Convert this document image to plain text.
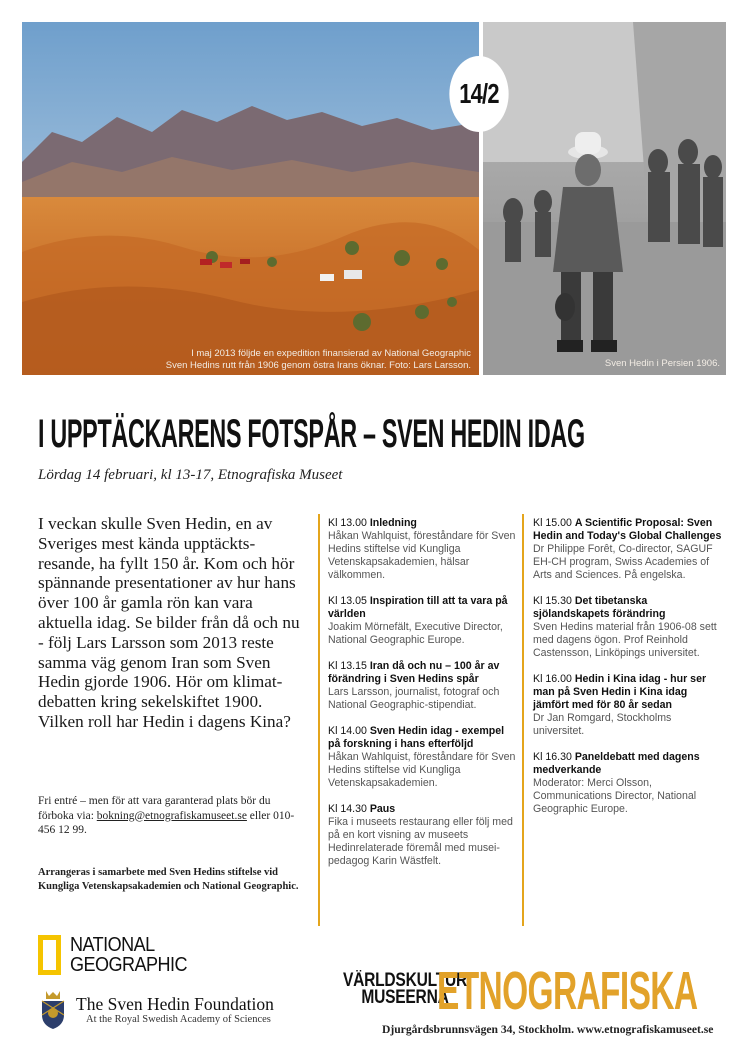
I maj 2013 följde en expedition finansierad av National Geographic
Sven Hedins rutt från 1906 genom östra Irans öknar. Foto: Lars Larsson.	Sven Hedin i Persien 1906.
14/2
I UPPTÄCKARENS FOTSPÅR – SVEN HEDIN IDAG
Lördag 14 februari, kl 13-17, Etnografiska Museet
I veckan skulle Sven Hedin, en av Sveriges mest kända upptäckts-resande, ha fyllt 150 år. Kom och hör spännande presentationer av hur hans över 100 år gamla rön kan vara aktuella idag. Se bilder från då och nu - följ Lars Larsson som 2013 reste samma väg genom Iran som Sven Hedin gjorde 1906. Hör om klimat-debatten kring sekelskiftet 1900. Vilken roll har Hedin i dagens Kina?
Fri entré – men för att vara garanterad plats bör du förboka via: bokning@etnografiskamuseet.se eller 010-456 12 99.
Arrangeras i samarbete med Sven Hedins stiftelse vid Kungliga Vetenskapsakademien och National Geographic.
Kl 13.00 Inledning
Håkan Wahlquist, föreståndare för Sven Hedins stiftelse vid Kungliga Vetenskapsakademien, hälsar välkommen.
Kl 13.05 Inspiration till att ta vara på världen
Joakim Mörnefält, Executive Director, National Geographic Europe.
Kl 13.15 Iran då och nu – 100 år av förändring i Sven Hedins spår
Lars Larsson, journalist, fotograf och National Geographic-stipendiat.
Kl 14.00 Sven Hedin idag - exempel på forskning i hans efterföljd
Håkan Wahlquist, föreståndare för Sven Hedins stiftelse vid Kungliga Vetenskapsakademien.
Kl 14.30 Paus
Fika i museets restaurang eller följ med på en kort visning av museets Hedinrelaterade föremål med musei-pedagog Karin Wästfelt.
Kl 15.00 A Scientific Proposal: Sven Hedin and Today's Global Challenges
Dr Philippe Forêt, Co-director, SAGUF EH-CH program, Swiss Academies of Arts and Sciences. På engelska.
Kl 15.30 Det tibetanska sjölandskapets förändring
Sven Hedins material från 1906-08 sett med dagens ögon. Prof Reinhold Castensson, Linköpings universitet.
Kl 16.00 Hedin i Kina idag - hur ser man på Sven Hedin i Kina idag jämfört med för 80 år sedan
Dr Jan Romgard, Stockholms universitet.
Kl 16.30 Paneldebatt med dagens medverkande
Moderator: Merci Olsson, Communications Director, National Geographic Europe.
NATIONAL
GEOGRAPHIC
The Sven Hedin Foundation
At the Royal Swedish Academy of Sciences
VÄRLDSKULTUR
MUSEERNA
ETNOGRAFISKA
Djurgårdsbrunnsvägen 34, Stockholm. www.etnografiskamuseet.se
